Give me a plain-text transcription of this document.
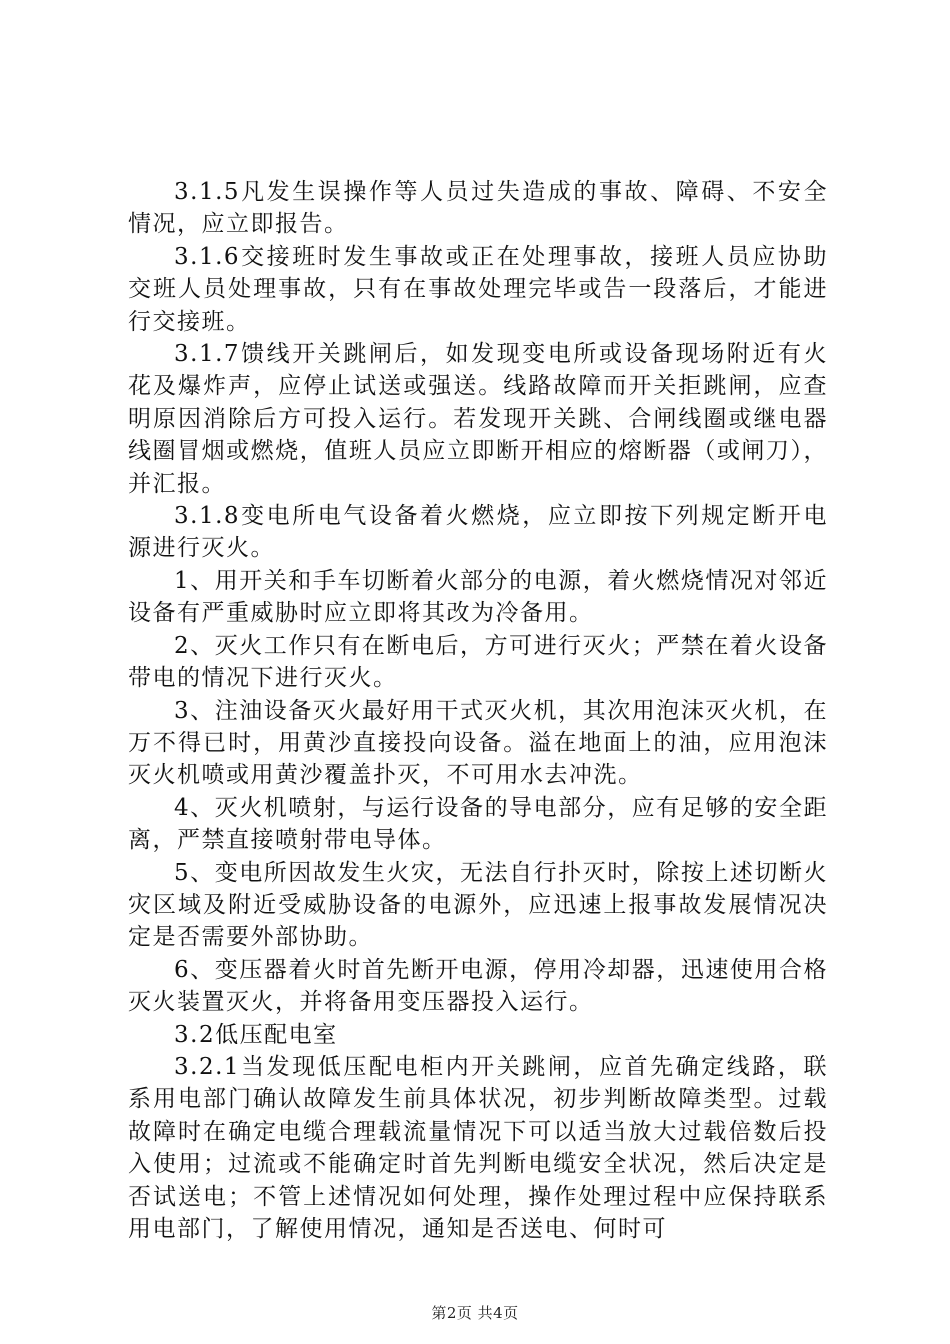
3.1.5凡发生误操作等人员过失造成的事故、障碍、不安全情况，应立即报告。

3.1.6交接班时发生事故或正在处理事故，接班人员应协助交班人员处理事故，只有在事故处理完毕或告一段落后，才能进行交接班。

3.1.7馈线开关跳闸后，如发现变电所或设备现场附近有火花及爆炸声，应停止试送或强送。线路故障而开关拒跳闸，应查明原因消除后方可投入运行。若发现开关跳、合闸线圈或继电器线圈冒烟或燃烧，值班人员应立即断开相应的熔断器（或闸刀），并汇报。

3.1.8变电所电气设备着火燃烧，应立即按下列规定断开电源进行灭火。

1、用开关和手车切断着火部分的电源，着火燃烧情况对邻近设备有严重威胁时应立即将其改为冷备用。

2、灭火工作只有在断电后，方可进行灭火；严禁在着火设备带电的情况下进行灭火。

3、注油设备灭火最好用干式灭火机，其次用泡沫灭火机，在万不得已时，用黄沙直接投向设备。溢在地面上的油，应用泡沫灭火机喷或用黄沙覆盖扑灭，不可用水去冲洗。

4、灭火机喷射，与运行设备的导电部分，应有足够的安全距离，严禁直接喷射带电导体。

5、变电所因故发生火灾，无法自行扑灭时，除按上述切断火灾区域及附近受威胁设备的电源外，应迅速上报事故发展情况决定是否需要外部协助。

6、变压器着火时首先断开电源，停用冷却器，迅速使用合格灭火装置灭火，并将备用变压器投入运行。

3.2低压配电室

3.2.1当发现低压配电柜内开关跳闸，应首先确定线路，联系用电部门确认故障发生前具体状况，初步判断故障类型。过载故障时在确定电缆合理载流量情况下可以适当放大过载倍数后投入使用；过流或不能确定时首先判断电缆安全状况，然后决定是否试送电；不管上述情况如何处理，操作处理过程中应保持联系用电部门，了解使用情况，通知是否送电、何时可

第2页 共4页
